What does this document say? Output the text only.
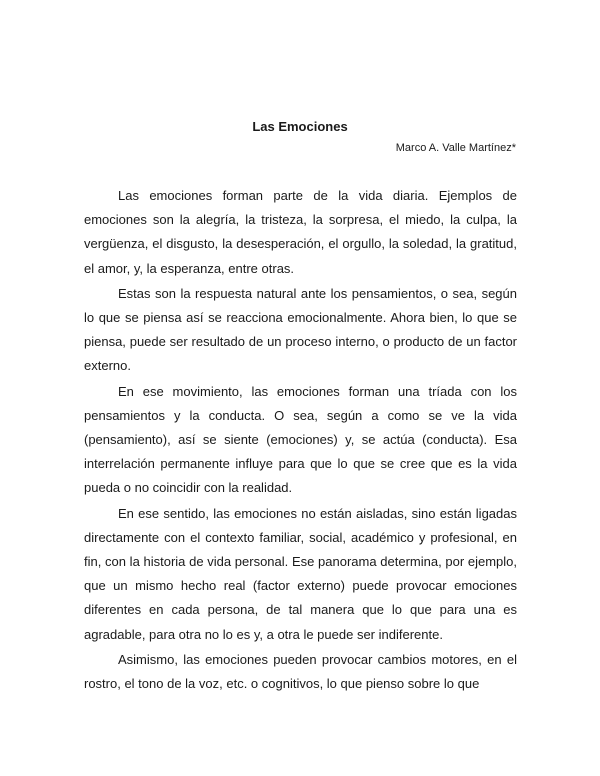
Las Emociones

Marco A. Valle Martínez*

Las emociones forman parte de la vida diaria. Ejemplos de emociones son la alegría, la tristeza, la sorpresa, el miedo, la culpa, la vergüenza, el disgusto, la desesperación, el orgullo, la soledad, la gratitud, el amor, y, la esperanza, entre otras.

Estas son la respuesta natural ante los pensamientos, o sea, según lo que se piensa así se reacciona emocionalmente. Ahora bien, lo que se piensa, puede ser resultado de un proceso interno, o producto de un factor externo.

En ese movimiento, las emociones forman una tríada con los pensamientos y la conducta. O sea, según a como se ve la vida (pensamiento), así se siente (emociones) y, se actúa (conducta). Esa interrelación permanente influye para que lo que se cree que es la vida pueda o no coincidir con la realidad.

En ese sentido, las emociones no están aisladas, sino están ligadas directamente con el contexto familiar, social, académico y profesional, en fin, con la historia de vida personal. Ese panorama determina, por ejemplo, que un mismo hecho real (factor externo) puede provocar emociones diferentes en cada persona, de tal manera que lo que para una es agradable, para otra no lo es y, a otra le puede ser indiferente.

Asimismo, las emociones pueden provocar cambios motores, en el rostro, el tono de la voz, etc. o cognitivos, lo que pienso sobre lo que
